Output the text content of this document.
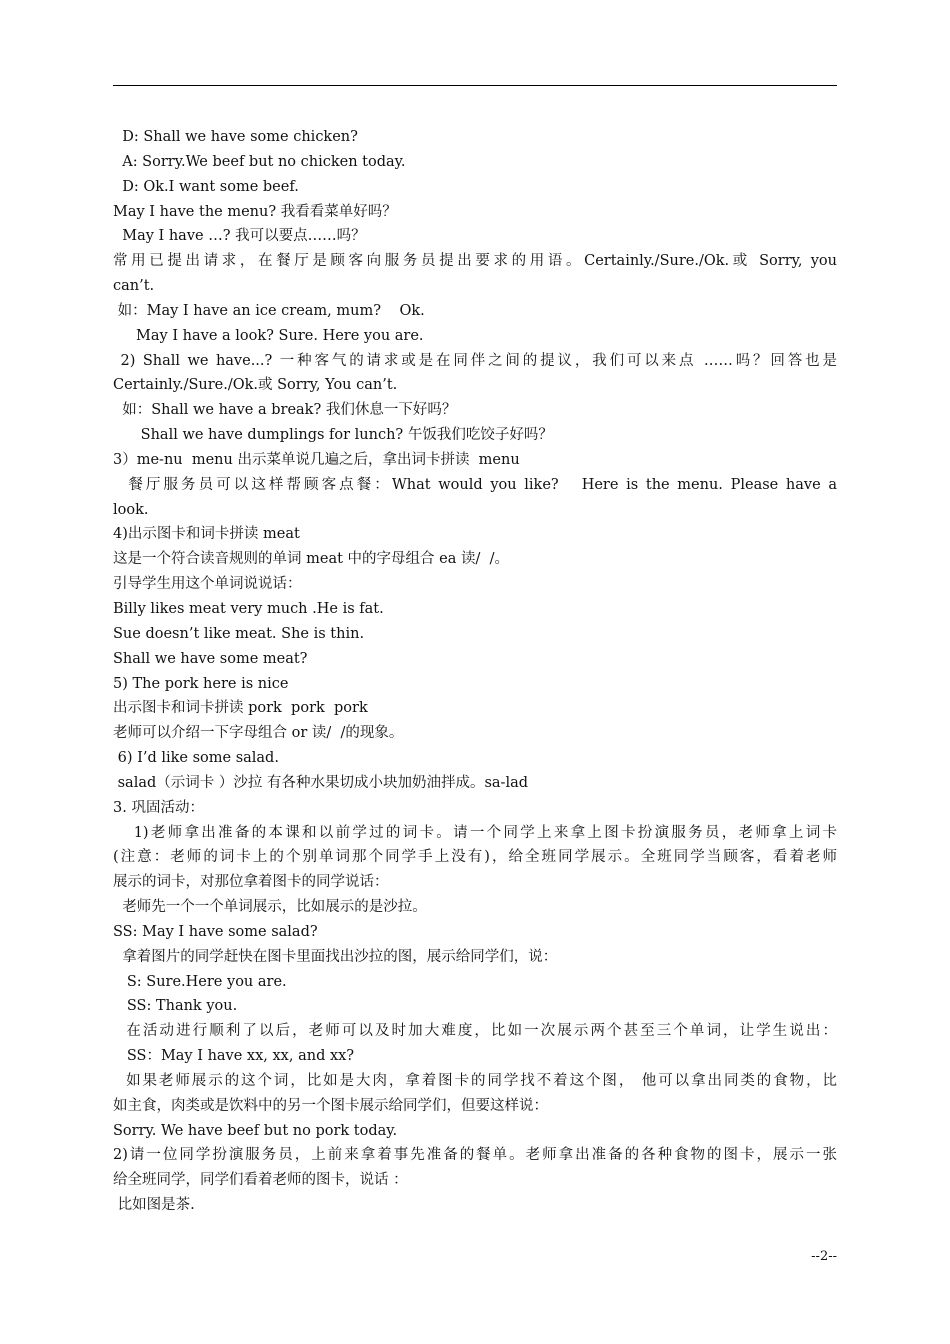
D: Shall we have some chicken?
A: Sorry.We beef but no chicken today.
D: Ok.I want some beef.
May I have the menu? 我看看菜单好吗？
May I have …? 我可以要点……吗？
常用已提出请求，在餐厅是顾客向服务员提出要求的用语。Certainly./Sure./Ok.或 Sorry, you
can’t.
如：May I have an ice cream, mum?    Ok.
May I have a look? Sure. Here you are.
2) Shall we have...? 一种客气的请求或是在同伴之间的提议，我们可以来点 ……吗？回答也是
Certainly./Sure./Ok.或 Sorry, You can’t.
如：Shall we have a break? 我们休息一下好吗？
Shall we have dumplings for lunch? 午饭我们吃饺子好吗？
3）me-nu  menu 出示菜单说几遍之后，拿出词卡拼读  menu
餐厅服务员可以这样帮顾客点餐：What would you like?   Here is the menu. Please have a
look.
4)出示图卡和词卡拼读 meat
这是一个符合读音规则的单词 meat 中的字母组合 ea 读/  /。
引导学生用这个单词说说话：
Billy likes meat very much .He is fat.
Sue doesn’t like meat. She is thin.
Shall we have some meat?
5) The pork here is nice
出示图卡和词卡拼读 pork  pork  pork
老师可以介绍一下字母组合 or 读/  /的现象。
6) I’d like some salad.
salad（示词卡 ）沙拉 有各种水果切成小块加奶油拌成。sa-lad
3. 巩固活动：
1)老师拿出准备的本课和以前学过的词卡。请一个同学上来拿上图卡扮演服务员，老师拿上词卡
(注意：老师的词卡上的个别单词那个同学手上没有)，给全班同学展示。全班同学当顾客，看着老师
展示的词卡，对那位拿着图卡的同学说话：
老师先一个一个单词展示，比如展示的是沙拉。
SS: May I have some salad?
拿着图片的同学赶快在图卡里面找出沙拉的图，展示给同学们，说：
S: Sure.Here you are.
SS: Thank you.
在活动进行顺利了以后，老师可以及时加大难度，比如一次展示两个甚至三个单词，让学生说出：
SS：May I have xx, xx, and xx?
如果老师展示的这个词，比如是大肉，拿着图卡的同学找不着这个图， 他可以拿出同类的食物，比
如主食，肉类或是饮料中的另一个图卡展示给同学们，但要这样说：
Sorry. We have beef but no pork today.
2)请一位同学扮演服务员，上前来拿着事先准备的餐单。老师拿出准备的各种食物的图卡，展示一张
给全班同学，同学们看着老师的图卡，说话 ：
比如图是茶.
--2--
